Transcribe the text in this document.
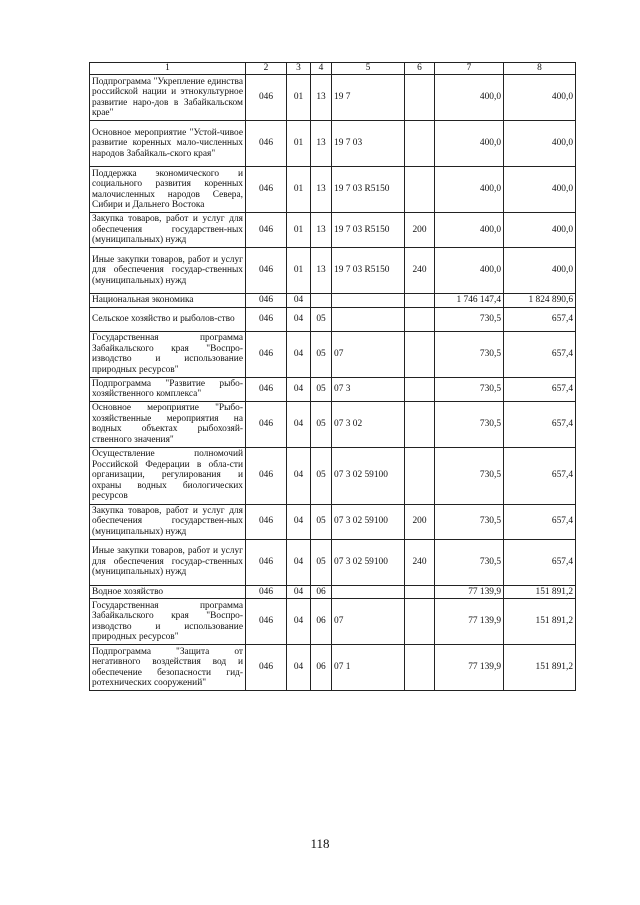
1	2	3	4	5	6	7	8
Подпрограмма "Укрепление единства российской нации и этнокультурное развитие наро-дов в Забайкальском крае"	046	01	13	19 7		400,0	400,0
Основное мероприятие "Устой-чивое развитие коренных мало-численных народов Забайкаль-ского края"	046	01	13	19 7 03		400,0	400,0
Поддержка экономического и социального развития коренных малочисленных народов Севера, Сибири и Дальнего Востока	046	01	13	19 7 03 R5150		400,0	400,0
Закупка товаров, работ и услуг для обеспечения государствен-ных (муниципальных) нужд	046	01	13	19 7 03 R5150	200	400,0	400,0
Иные закупки товаров, работ и услуг для обеспечения государ-ственных (муниципальных) нужд	046	01	13	19 7 03 R5150	240	400,0	400,0
Национальная экономика	046	04				1 746 147,4	1 824 890,6
Сельское хозяйство и рыболов-ство	046	04	05			730,5	657,4
Государственная программа Забайкальского края "Воспро-изводство и использование природных ресурсов"	046	04	05	07		730,5	657,4
Подпрограмма "Развитие рыбо-хозяйственного комплекса"	046	04	05	07 3		730,5	657,4
Основное мероприятие "Рыбо-хозяйственные мероприятия на водных объектах рыбохозяй-ственного значения"	046	04	05	07 3 02		730,5	657,4
Осуществление полномочий Российской Федерации в обла-сти организации, регулирования и охраны водных биологических ресурсов	046	04	05	07 3 02 59100		730,5	657,4
Закупка товаров, работ и услуг для обеспечения государствен-ных (муниципальных) нужд	046	04	05	07 3 02 59100	200	730,5	657,4
Иные закупки товаров, работ и услуг для обеспечения государ-ственных (муниципальных) нужд	046	04	05	07 3 02 59100	240	730,5	657,4
Водное хозяйство	046	04	06			77 139,9	151 891,2
Государственная программа Забайкальского края "Воспро-изводство и использование природных ресурсов"	046	04	06	07		77 139,9	151 891,2
Подпрограмма "Защита от негативного воздействия вод и обеспечение безопасности гид-ротехнических сооружений"	046	04	06	07 1		77 139,9	151 891,2
118
